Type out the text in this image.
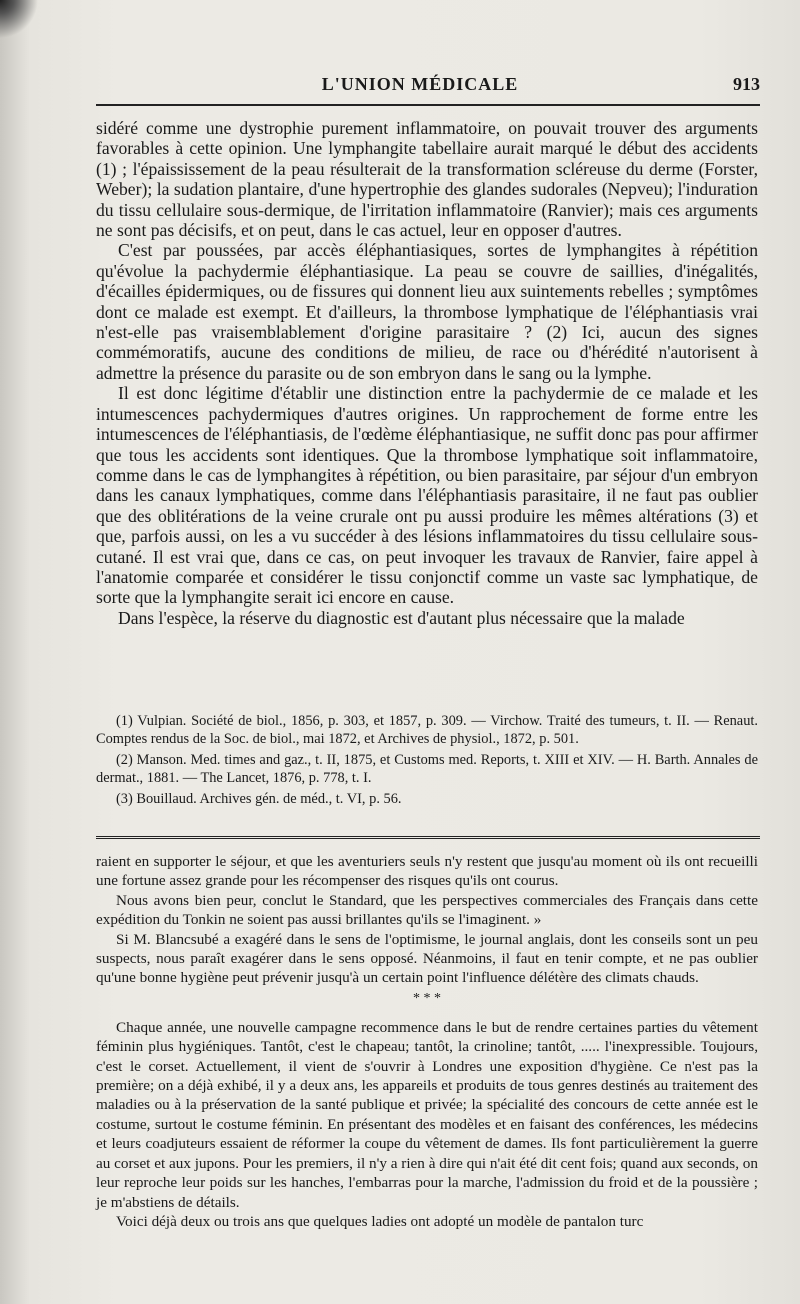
L'UNION MÉDICALE	913

sidéré comme une dystrophie purement inflammatoire, on pouvait trouver des arguments favorables à cette opinion. Une lymphangite tabellaire aurait marqué le début des accidents (1) ; l'épaississement de la peau résulterait de la transformation scléreuse du derme (Forster, Weber); la sudation plantaire, d'une hypertrophie des glandes sudorales (Nepveu); l'induration du tissu cellulaire sous-dermique, de l'irritation inflammatoire (Ranvier); mais ces arguments ne sont pas décisifs, et on peut, dans le cas actuel, leur en opposer d'autres.

C'est par poussées, par accès éléphantiasiques, sortes de lymphangites à répétition qu'évolue la pachydermie éléphantiasique. La peau se couvre de saillies, d'inégalités, d'écailles épidermiques, ou de fissures qui donnent lieu aux suintements rebelles ; symptômes dont ce malade est exempt. Et d'ailleurs, la thrombose lymphatique de l'éléphantiasis vrai n'est-elle pas vraisemblablement d'origine parasitaire ? (2) Ici, aucun des signes commémoratifs, aucune des conditions de milieu, de race ou d'hérédité n'autorisent à admettre la présence du parasite ou de son embryon dans le sang ou la lymphe.

Il est donc légitime d'établir une distinction entre la pachydermie de ce malade et les intumescences pachydermiques d'autres origines. Un rapprochement de forme entre les intumescences de l'éléphantiasis, de l'œdème éléphantiasique, ne suffit donc pas pour affirmer que tous les accidents sont identiques. Que la thrombose lymphatique soit inflammatoire, comme dans le cas de lymphangites à répétition, ou bien parasitaire, par séjour d'un embryon dans les canaux lymphatiques, comme dans l'éléphantiasis parasitaire, il ne faut pas oublier que des oblitérations de la veine crurale ont pu aussi produire les mêmes altérations (3) et que, parfois aussi, on les a vu succéder à des lésions inflammatoires du tissu cellulaire sous-cutané. Il est vrai que, dans ce cas, on peut invoquer les travaux de Ranvier, faire appel à l'anatomie comparée et considérer le tissu conjonctif comme un vaste sac lymphatique, de sorte que la lymphangite serait ici encore en cause.

Dans l'espèce, la réserve du diagnostic est d'autant plus nécessaire que la malade

(1) Vulpian. Société de biol., 1856, p. 303, et 1857, p. 309. — Virchow. Traité des tumeurs, t. II. — Renaut. Comptes rendus de la Soc. de biol., mai 1872, et Archives de physiol., 1872, p. 501.

(2) Manson. Med. times and gaz., t. II, 1875, et Customs med. Reports, t. XIII et XIV. — H. Barth. Annales de dermat., 1881. — The Lancet, 1876, p. 778, t. I.

(3) Bouillaud. Archives gén. de méd., t. VI, p. 56.

raient en supporter le séjour, et que les aventuriers seuls n'y restent que jusqu'au moment où ils ont recueilli une fortune assez grande pour les récompenser des risques qu'ils ont courus.

Nous avons bien peur, conclut le Standard, que les perspectives commerciales des Français dans cette expédition du Tonkin ne soient pas aussi brillantes qu'ils se l'imaginent. »

Si M. Blancsubé a exagéré dans le sens de l'optimisme, le journal anglais, dont les conseils sont un peu suspects, nous paraît exagérer dans le sens opposé. Néanmoins, il faut en tenir compte, et ne pas oublier qu'une bonne hygiène peut prévenir jusqu'à un certain point l'influence délétère des climats chauds.

* * *

Chaque année, une nouvelle campagne recommence dans le but de rendre certaines parties du vêtement féminin plus hygiéniques. Tantôt, c'est le chapeau; tantôt, la crinoline; tantôt, ..... l'inexpressible. Toujours, c'est le corset. Actuellement, il vient de s'ouvrir à Londres une exposition d'hygiène. Ce n'est pas la première; on a déjà exhibé, il y a deux ans, les appareils et produits de tous genres destinés au traitement des maladies ou à la préservation de la santé publique et privée; la spécialité des concours de cette année est le costume, surtout le costume féminin. En présentant des modèles et en faisant des conférences, les médecins et leurs coadjuteurs essaient de réformer la coupe du vêtement de dames. Ils font particulièrement la guerre au corset et aux jupons. Pour les premiers, il n'y a rien à dire qui n'ait été dit cent fois; quand aux seconds, on leur reproche leur poids sur les hanches, l'embarras pour la marche, l'admission du froid et de la poussière ; je m'abstiens de détails.

Voici déjà deux ou trois ans que quelques ladies ont adopté un modèle de pantalon turc
